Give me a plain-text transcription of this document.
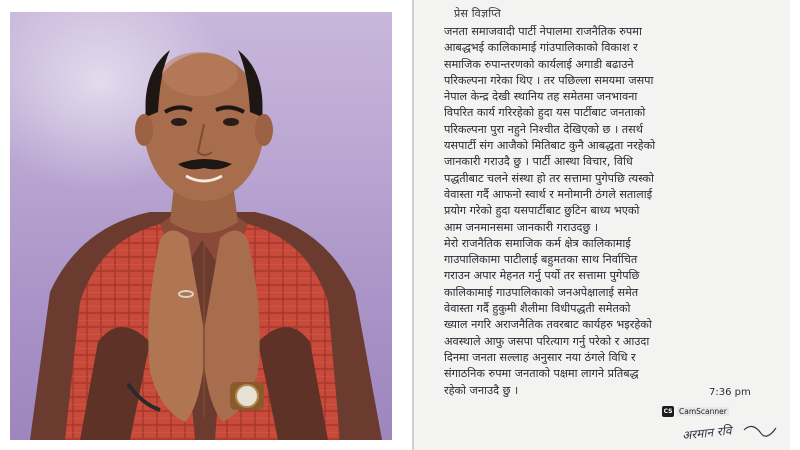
प्रेस विज्ञप्ति
जनता समाजवादी पार्टी नेपालमा राजनैतिक रुपमा
आबद्धभई कालिकामाई गांउपालिकाको विकाश र
समाजिक रुपान्तरणको कार्यलाई अगाडी बढाउने
परिकल्पना गरेका थिए । तर पछिल्ला समयमा जसपा
नेपाल केन्द्र देखी स्थानिय तह समेतमा जनभावना
विपरित कार्य गरिरहेको हुदा यस पार्टीबाट जनताको
परिकल्पना पुरा नहुने निश्चीत देखिएको छ । तसर्थ
यसपार्टी संग आजैको मितिबाट कुनै आबद्धता नरहेको
जानकारी गराउदै छु । पार्टी आस्था विचार, विधि
पद्धतीबाट चलने संस्था हो तर सत्तामा पुगेपछि त्यस्को
वेवास्ता गर्दै आफनो स्वार्थ र मनोमानी ठंगले सतालाई
प्रयोग गरेको हुदा यसपार्टीबाट छुटिन बाध्य भएको
आम जनमानसमा जानकारी गराउदछु ।
मेरो राजनैतिक समाजिक कर्म क्षेत्र कालिकामाई
गाउपालिकामा पाटीलाई बहुमतका साथ निर्वाचित
गराउन अपार मेहनत गर्नु पर्यो तर सत्तामा पुगेपछि
कालिकामाई गाउपालिकाको जनअपेक्षालाई समेत
वेवास्ता गर्दै हुकुमी शैलीमा विधीपद्धती समेतको
ख्याल नगरि अराजनैतिक तवरबाट कार्यहरु भइरहेको
अवस्थाले आफु जसपा परित्याग गर्नु परेको र आउदा
दिनमा जनता सल्लाह अनुसार नया ठंगले विधि र
संगाठनिक रुपमा जनताको पक्षमा लागने प्रतिबद्ध
रहेको जनाउदै छु ।	7:36 pm
CS CamScanner
अरमान रवि
